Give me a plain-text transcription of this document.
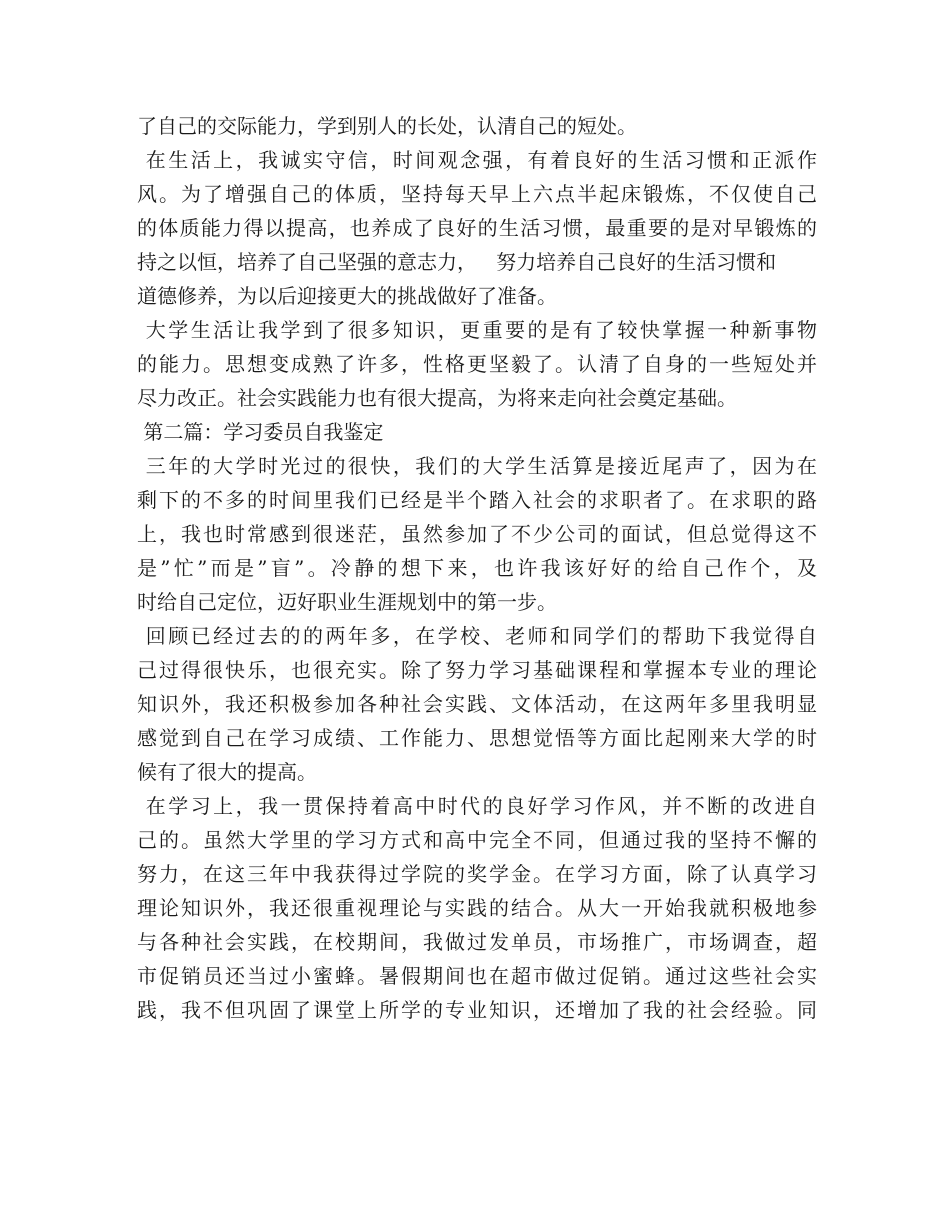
了自己的交际能力，学到别人的长处，认清自己的短处。
在生活上，我诚实守信，时间观念强，有着良好的生活习惯和正派作
风。为了增强自己的体质，坚持每天早上六点半起床锻炼，不仅使自己
的体质能力得以提高，也养成了良好的生活习惯，最重要的是对早锻炼的
持之以恒，培养了自己坚强的意志力，   努力培养自己良好的生活习惯和
道德修养，为以后迎接更大的挑战做好了准备。
大学生活让我学到了很多知识，更重要的是有了较快掌握一种新事物
的能力。思想变成熟了许多，性格更坚毅了。认清了自身的一些短处并
尽力改正。社会实践能力也有很大提高，为将来走向社会奠定基础。
第二篇：学习委员自我鉴定
三年的大学时光过的很快，我们的大学生活算是接近尾声了，因为在
剩下的不多的时间里我们已经是半个踏入社会的求职者了。在求职的路
上，我也时常感到很迷茫，虽然参加了不少公司的面试，但总觉得这不
是”忙”而是”盲”。冷静的想下来，也许我该好好的给自己作个，及
时给自己定位，迈好职业生涯规划中的第一步。
回顾已经过去的的两年多，在学校、老师和同学们的帮助下我觉得自
己过得很快乐，也很充实。除了努力学习基础课程和掌握本专业的理论
知识外，我还积极参加各种社会实践、文体活动，在这两年多里我明显
感觉到自己在学习成绩、工作能力、思想觉悟等方面比起刚来大学的时
候有了很大的提高。
在学习上，我一贯保持着高中时代的良好学习作风，并不断的改进自
己的。虽然大学里的学习方式和高中完全不同，但通过我的坚持不懈的
努力，在这三年中我获得过学院的奖学金。在学习方面，除了认真学习
理论知识外，我还很重视理论与实践的结合。从大一开始我就积极地参
与各种社会实践，在校期间，我做过发单员，市场推广，市场调查，超
市促销员还当过小蜜蜂。暑假期间也在超市做过促销。通过这些社会实
践，我不但巩固了课堂上所学的专业知识，还增加了我的社会经验。同
